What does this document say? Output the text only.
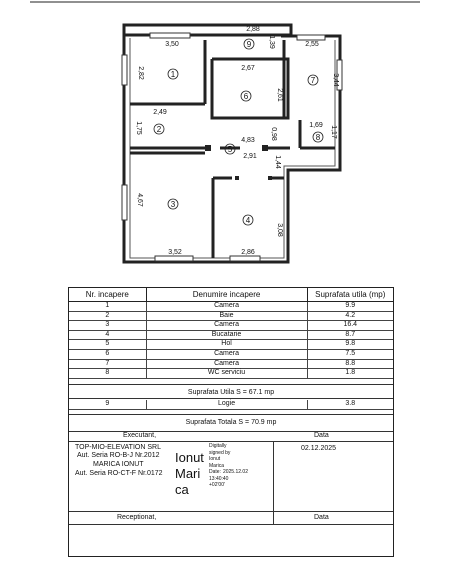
2,88
3,50	1,39	2,55
2,82	2,67
2,61
3,44
2,49
1,75
4,83 0,98
1,69 1,17
2,91 1,44
4,67
3,08
3,52	2,86
1
2
3
4
5
6
7
8
9
Nr. incapere	Denumire incapere	Suprafata utila (mp)
1	Camera	9.9
2	Baie	4.2
3	Camera	16.4
4	Bucatarie	8.7
5	Hol	9.8
6	Camera	7.5
7	Camera	8.8
8	WC serviciu	1.8
Suprafata Utila S = 67.1 mp
9	Logie	3.8
Suprafata Totala S = 70.9 mp
Executant,	Data
TOP-MIO-ELEVATION SRL
Aut. Seria RO-B-J Nr.2012
MARICA IONUT
Aut. Seria RO-CT-F Nr.0172
02.12.2025
Ionut
Mari
ca
Digitally
signed by
Ionut
Marica
Date: 2025.12.02
13:40:40
+02'00'
Receptionat,	Data
